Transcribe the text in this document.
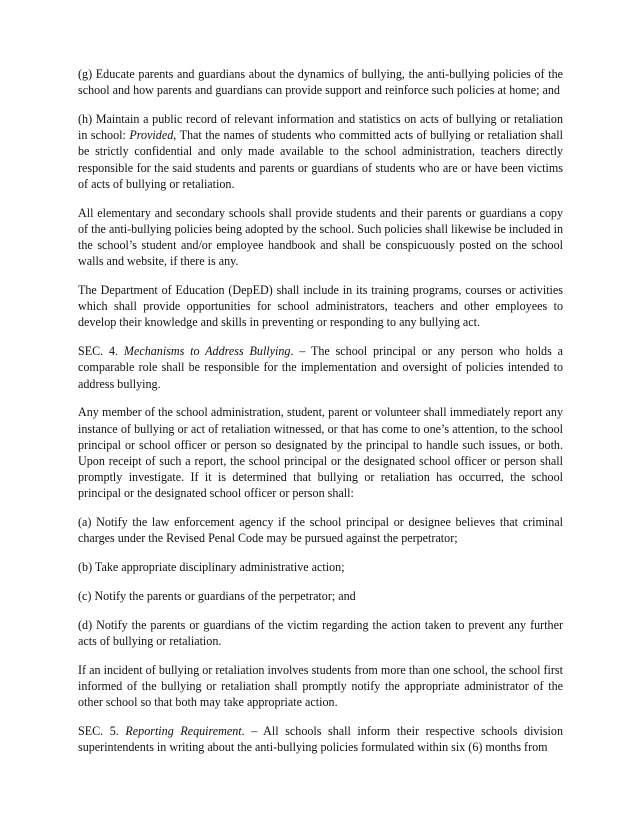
(g) Educate parents and guardians about the dynamics of bullying, the anti-bullying policies of the school and how parents and guardians can provide support and reinforce such policies at home; and

(h) Maintain a public record of relevant information and statistics on acts of bullying or retaliation in school: Provided, That the names of students who committed acts of bullying or retaliation shall be strictly confidential and only made available to the school administration, teachers directly responsible for the said students and parents or guardians of students who are or have been victims of acts of bullying or retaliation.

All elementary and secondary schools shall provide students and their parents or guardians a copy of the anti-bullying policies being adopted by the school. Such policies shall likewise be included in the school’s student and/or employee handbook and shall be conspicuously posted on the school walls and website, if there is any.

The Department of Education (DepED) shall include in its training programs, courses or activities which shall provide opportunities for school administrators, teachers and other employees to develop their knowledge and skills in preventing or responding to any bullying act.

SEC. 4. Mechanisms to Address Bullying. – The school principal or any person who holds a comparable role shall be responsible for the implementation and oversight of policies intended to address bullying.

Any member of the school administration, student, parent or volunteer shall immediately report any instance of bullying or act of retaliation witnessed, or that has come to one’s attention, to the school principal or school officer or person so designated by the principal to handle such issues, or both. Upon receipt of such a report, the school principal or the designated school officer or person shall promptly investigate. If it is determined that bullying or retaliation has occurred, the school principal or the designated school officer or person shall:

(a) Notify the law enforcement agency if the school principal or designee believes that criminal charges under the Revised Penal Code may be pursued against the perpetrator;

(b) Take appropriate disciplinary administrative action;

(c) Notify the parents or guardians of the perpetrator; and

(d) Notify the parents or guardians of the victim regarding the action taken to prevent any further acts of bullying or retaliation.

If an incident of bullying or retaliation involves students from more than one school, the school first informed of the bullying or retaliation shall promptly notify the appropriate administrator of the other school so that both may take appropriate action.

SEC. 5. Reporting Requirement. – All schools shall inform their respective schools division superintendents in writing about the anti-bullying policies formulated within six (6) months from
